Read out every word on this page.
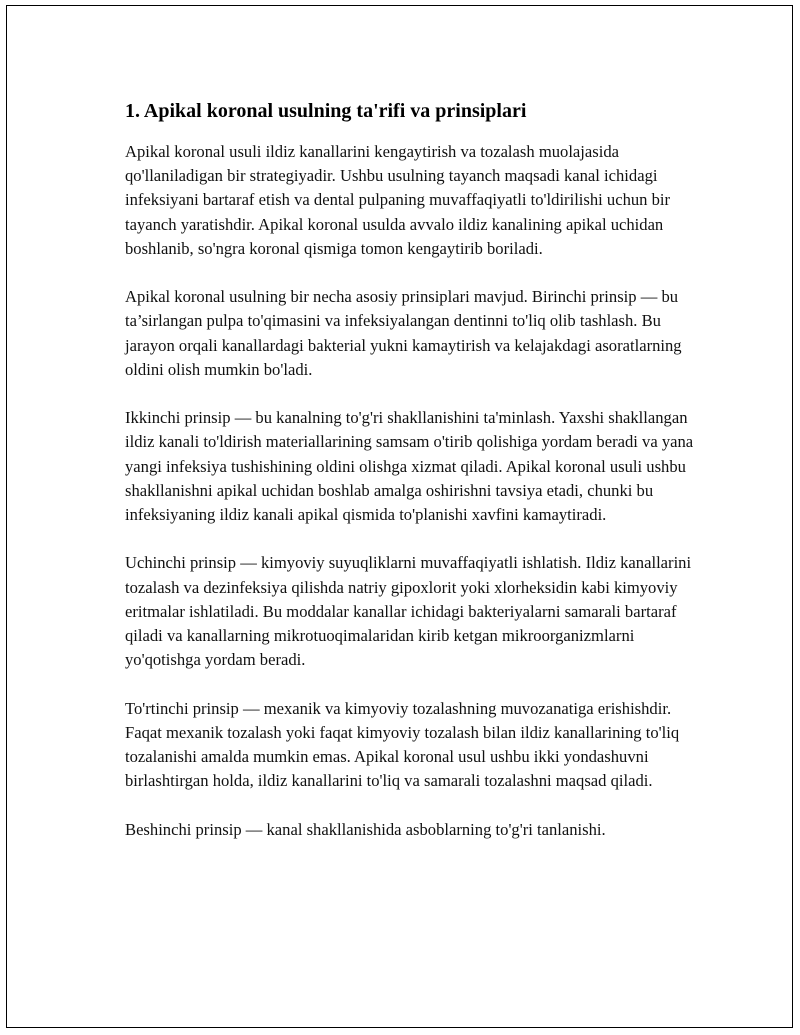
1. Apikal koronal usulning ta'rifi va prinsiplari

Apikal koronal usuli ildiz kanallarini kengaytirish va tozalash muolajasida qo'llaniladigan bir strategiyadir. Ushbu usulning tayanch maqsadi kanal ichidagi infeksiyani bartaraf etish va dental pulpaning muvaffaqiyatli to'ldirilishi uchun bir tayanch yaratishdir. Apikal koronal usulda avvalo ildiz kanalining apikal uchidan boshlanib, so'ngra koronal qismiga tomon kengaytirib boriladi.

Apikal koronal usulning bir necha asosiy prinsiplari mavjud. Birinchi prinsip — bu ta’sirlangan pulpa to'qimasini va infeksiyalangan dentinni to'liq olib tashlash. Bu jarayon orqali kanallardagi bakterial yukni kamaytirish va kelajakdagi asoratlarning oldini olish mumkin bo'ladi.

Ikkinchi prinsip — bu kanalning to'g'ri shakllanishini ta'minlash. Yaxshi shakllangan ildiz kanali to'ldirish materiallarining samsam o'tirib qolishiga yordam beradi va yana yangi infeksiya tushishining oldini olishga xizmat qiladi. Apikal koronal usuli ushbu shakllanishni apikal uchidan boshlab amalga oshirishni tavsiya etadi, chunki bu infeksiyaning ildiz kanali apikal qismida to'planishi xavfini kamaytiradi.

Uchinchi prinsip — kimyoviy suyuqliklarni muvaffaqiyatli ishlatish. Ildiz kanallarini tozalash va dezinfeksiya qilishda natriy gipoxlorit yoki xlorheksidin kabi kimyoviy eritmalar ishlatiladi. Bu moddalar kanallar ichidagi bakteriyalarni samarali bartaraf qiladi va kanallarning mikrotuoqimalaridan kirib ketgan mikroorganizmlarni yo'qotishga yordam beradi.

To'rtinchi prinsip — mexanik va kimyoviy tozalashning muvozanatiga erishishdir. Faqat mexanik tozalash yoki faqat kimyoviy tozalash bilan ildiz kanallarining to'liq tozalanishi amalda mumkin emas. Apikal koronal usul ushbu ikki yondashuvni birlashtirgan holda, ildiz kanallarini to'liq va samarali tozalashni maqsad qiladi.

Beshinchi prinsip — kanal shakllanishida asboblarning to'g'ri tanlanishi.
